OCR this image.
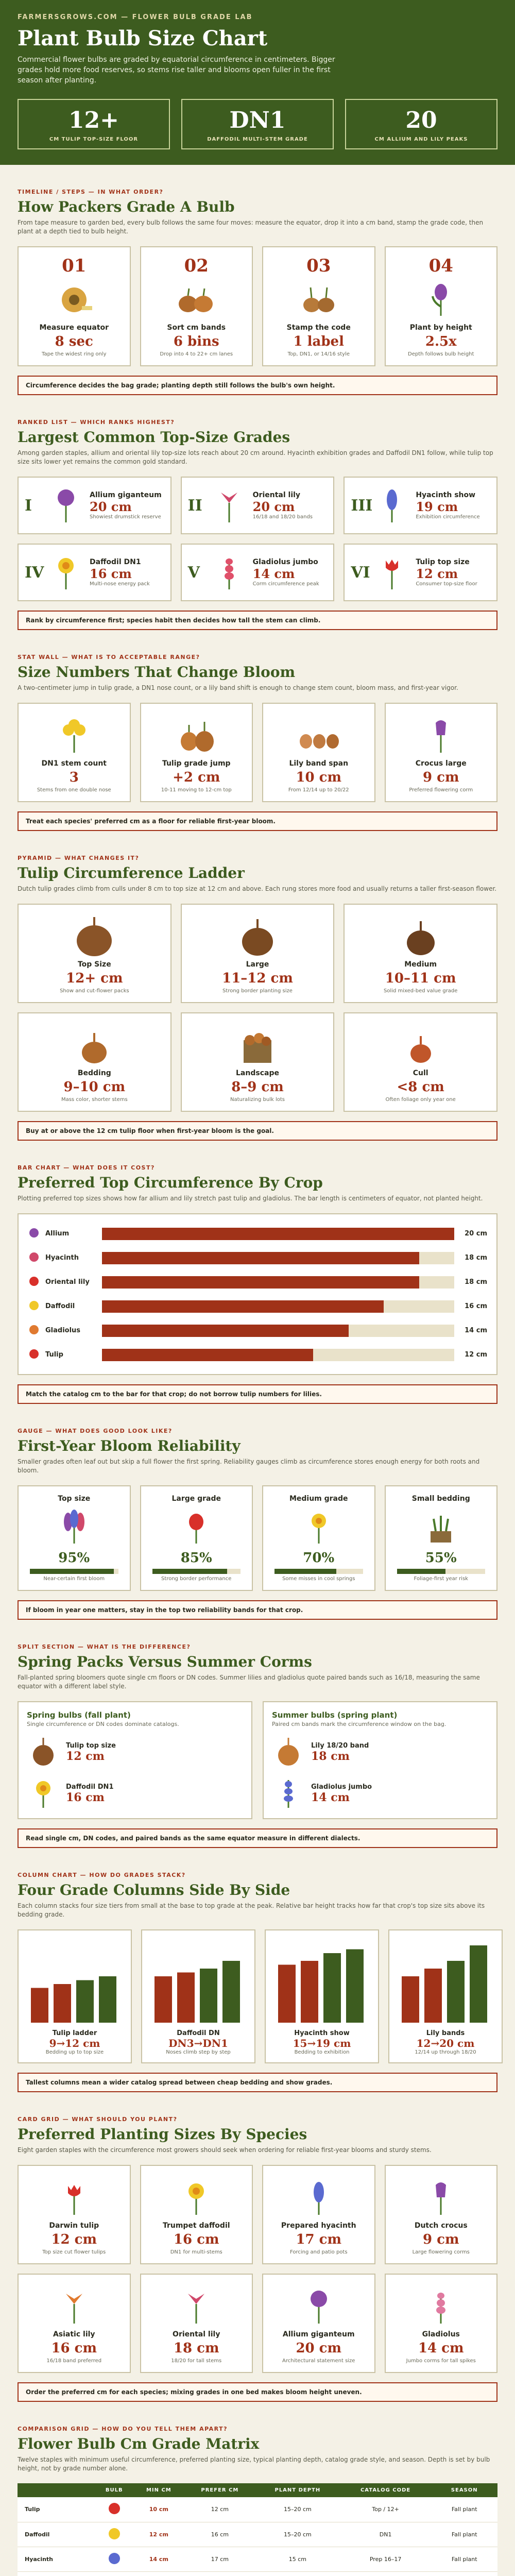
FARMERSGROWS.COM — FLOWER BULB GRADE LAB
Plant Bulb Size Chart
Commercial flower bulbs are graded by equatorial circumference in centimeters. Bigger grades hold more food reserves, so stems rise taller and blooms open fuller in the first season after planting.
12+
CM TULIP TOP-SIZE FLOOR
DN1
DAFFODIL MULTI-STEM GRADE
20
CM ALLIUM AND LILY PEAKS
TIMELINE / STEPS — IN WHAT ORDER?
How Packers Grade A Bulb
From tape measure to garden bed, every bulb follows the same four moves: measure the equator, drop it into a cm band, stamp the grade code, then plant at a depth tied to bulb height.
01
Measure equator
8 sec
Tape the widest ring only
02
Sort cm bands
6 bins
Drop into 4 to 22+ cm lanes
03
Stamp the code
1 label
Top, DN1, or 14/16 style
04
Plant by height
2.5x
Depth follows bulb height
Circumference decides the bag grade; planting depth still follows the bulb's own height.
RANKED LIST — WHICH RANKS HIGHEST?
Largest Common Top-Size Grades
Among garden staples, allium and oriental lily top-size lots reach about 20 cm around. Hyacinth exhibition grades and Daffodil DN1 follow, while tulip top size sits lower yet remains the common gold standard.
I
Allium giganteum
20 cm
Showiest drumstick reserve
II
Oriental lily
20 cm
16/18 and 18/20 bands
III
Hyacinth show
19 cm
Exhibition circumference
IV
Daffodil DN1
16 cm
Multi-nose energy pack
V
Gladiolus jumbo
14 cm
Corm circumference peak
VI
Tulip top size
12 cm
Consumer top-size floor
Rank by circumference first; species habit then decides how tall the stem can climb.
STAT WALL — WHAT IS TO ACCEPTABLE RANGE?
Size Numbers That Change Bloom
A two-centimeter jump in tulip grade, a DN1 nose count, or a lily band shift is enough to change stem count, bloom mass, and first-year vigor.
DN1 stem count
3
Stems from one double nose
Tulip grade jump
+2 cm
10-11 moving to 12-cm top
Lily band span
10 cm
From 12/14 up to 20/22
Crocus large
9 cm
Preferred flowering corm
Treat each species' preferred cm as a floor for reliable first-year bloom.
PYRAMID — WHAT CHANGES IT?
Tulip Circumference Ladder
Dutch tulip grades climb from culls under 8 cm to top size at 12 cm and above. Each rung stores more food and usually returns a taller first-season flower.
Top Size
12+ cm
Show and cut-flower packs
Large
11–12 cm
Strong border planting size
Medium
10–11 cm
Solid mixed-bed value grade
Bedding
9–10 cm
Mass color, shorter stems
Landscape
8–9 cm
Naturalizing bulk lots
Cull
<8 cm
Often foliage only year one
Buy at or above the 12 cm tulip floor when first-year bloom is the goal.
BAR CHART — WHAT DOES IT COST?
Preferred Top Circumference By Crop
Plotting preferred top sizes shows how far allium and lily stretch past tulip and gladiolus. The bar length is centimeters of equator, not planted height.
Allium	20 cm
Hyacinth	18 cm
Oriental lily	18 cm
Daffodil	16 cm
Gladiolus	14 cm
Tulip	12 cm
Match the catalog cm to the bar for that crop; do not borrow tulip numbers for lilies.
GAUGE — WHAT DOES GOOD LOOK LIKE?
First-Year Bloom Reliability
Smaller grades often leaf out but skip a full flower the first spring. Reliability gauges climb as circumference stores enough energy for both roots and bloom.
Top size
95%
Near-certain first bloom
Large grade
85%
Strong border performance
Medium grade
70%
Some misses in cool springs
Small bedding
55%
Foliage-first year risk
If bloom in year one matters, stay in the top two reliability bands for that crop.
SPLIT SECTION — WHAT IS THE DIFFERENCE?
Spring Packs Versus Summer Corms
Fall-planted spring bloomers quote single cm floors or DN codes. Summer lilies and gladiolus quote paired bands such as 16/18, measuring the same equator with a different label style.
Spring bulbs (fall plant)
Single circumference or DN codes dominate catalogs.
Tulip top size
12 cm
Daffodil DN1
16 cm
Summer bulbs (spring plant)
Paired cm bands mark the circumference window on the bag.
Lily 18/20 band
18 cm
Gladiolus jumbo
14 cm
Read single cm, DN codes, and paired bands as the same equator measure in different dialects.
COLUMN CHART — HOW DO GRADES STACK?
Four Grade Columns Side By Side
Each column stacks four size tiers from small at the base to top grade at the peak. Relative bar height tracks how far that crop's top size sits above its bedding grade.
Tulip ladder
9→12 cm
Bedding up to top size
Daffodil DN
DN3→DN1
Noses climb step by step
Hyacinth show
15→19 cm
Bedding to exhibition
Lily bands
12→20 cm
12/14 up through 18/20
Tallest columns mean a wider catalog spread between cheap bedding and show grades.
CARD GRID — WHAT SHOULD YOU PLANT?
Preferred Planting Sizes By Species
Eight garden staples with the circumference most growers should seek when ordering for reliable first-year blooms and sturdy stems.
Darwin tulip
12 cm
Top size cut flower tulips
Trumpet daffodil
16 cm
DN1 for multi-stems
Prepared hyacinth
17 cm
Forcing and patio pots
Dutch crocus
9 cm
Large flowering corms
Asiatic lily
16 cm
16/18 band preferred
Oriental lily
18 cm
18/20 for tall stems
Allium giganteum
20 cm
Architectural statement size
Gladiolus
14 cm
Jumbo corms for tall spikes
Order the preferred cm for each species; mixing grades in one bed makes bloom height uneven.
COMPARISON GRID — HOW DO YOU TELL THEM APART?
Flower Bulb Cm Grade Matrix
Twelve staples with minimum useful circumference, preferred planting size, typical planting depth, catalog grade style, and season. Depth is set by bulb height, not by grade number alone.
	BULB	MIN CM	PREFER CM	PLANT DEPTH	CATALOG CODE	SEASON
Tulip		10 cm	12 cm	15–20 cm	Top / 12+	Fall plant
Daffodil		12 cm	16 cm	15–20 cm	DN1	Fall plant
Hyacinth		14 cm	17 cm	15 cm	Prep 16–17	Fall plant
